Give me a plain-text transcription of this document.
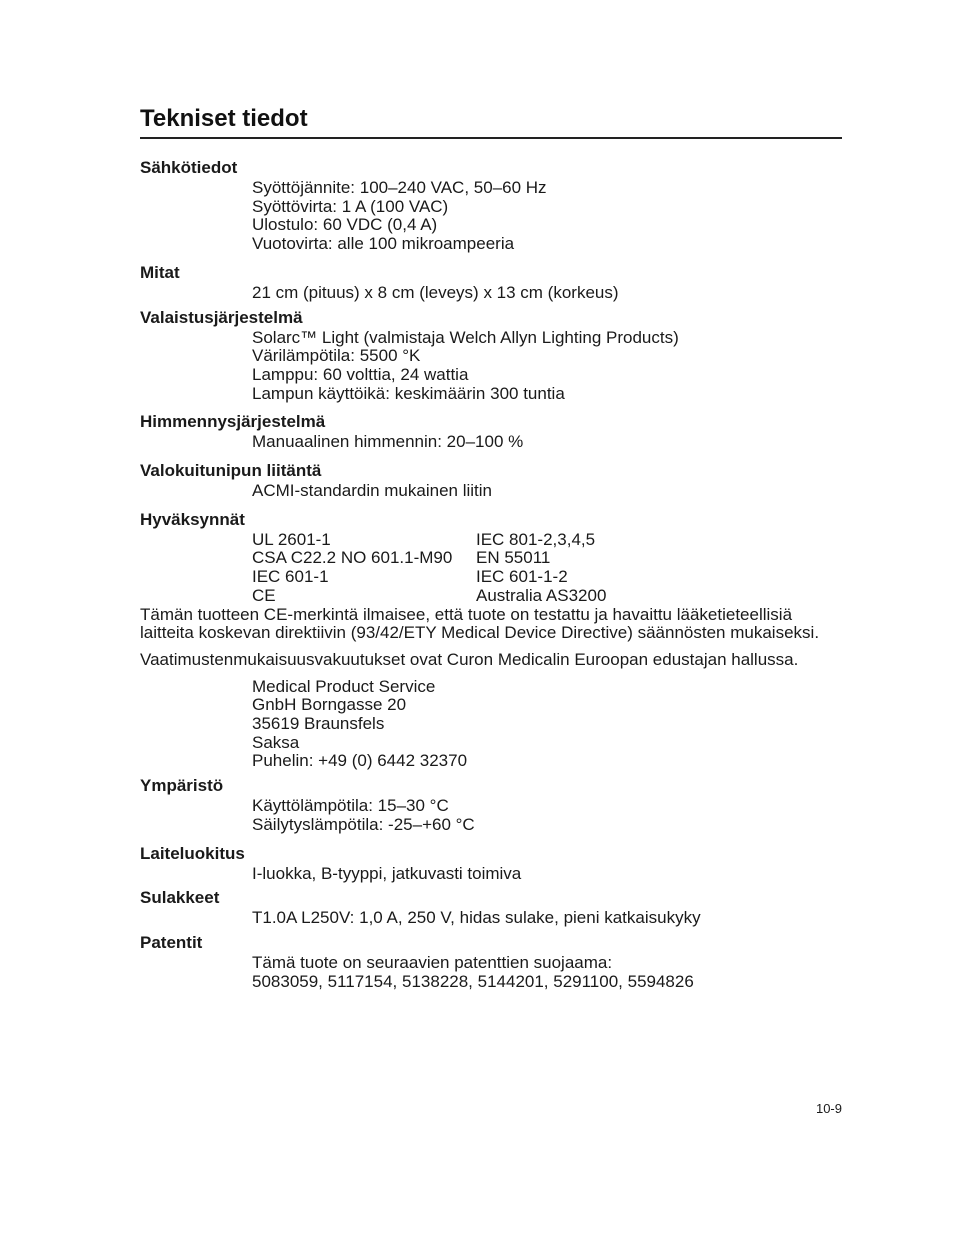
Tekniset tiedot

Sähkötiedot

Syöttöjännite: 100–240 VAC, 50–60 Hz

Syöttövirta: 1 A (100 VAC)

Ulostulo: 60 VDC (0,4 A)

Vuotovirta: alle 100 mikroampeeria

Mitat

21 cm (pituus) x 8 cm (leveys) x 13 cm (korkeus)

Valaistusjärjestelmä

Solarc™ Light (valmistaja Welch Allyn Lighting Products)

Värilämpötila: 5500 °K

Lamppu: 60 volttia, 24 wattia

Lampun käyttöikä: keskimäärin 300 tuntia

Himmennysjärjestelmä

Manuaalinen himmennin: 20–100 %

Valokuitunipun liitäntä

ACMI-standardin mukainen liitin

Hyväksynnät

UL 2601-1	IEC 801-2,3,4,5
CSA C22.2 NO 601.1-M90	EN 55011
IEC 601-1	IEC 601-1-2
CE	Australia AS3200

Tämän tuotteen CE-merkintä ilmaisee, että tuote on testattu ja havaittu lääketieteellisiä laitteita koskevan direktiivin (93/42/ETY Medical Device Directive) säännösten mukaiseksi.

Vaatimustenmukaisuusvakuutukset ovat Curon Medicalin Euroopan edustajan hallussa.

Medical Product Service

GnbH Borngasse 20

35619 Braunsfels

Saksa

Puhelin: +49 (0) 6442 32370

Ympäristö

Käyttölämpötila: 15–30 °C

Säilytyslämpötila: -25–+60 °C

Laiteluokitus

I-luokka, B-tyyppi, jatkuvasti toimiva

Sulakkeet

T1.0A L250V: 1,0 A, 250 V, hidas sulake, pieni katkaisukyky

Patentit

Tämä tuote on seuraavien patenttien suojaama:

5083059, 5117154, 5138228, 5144201, 5291100, 5594826

10-9
